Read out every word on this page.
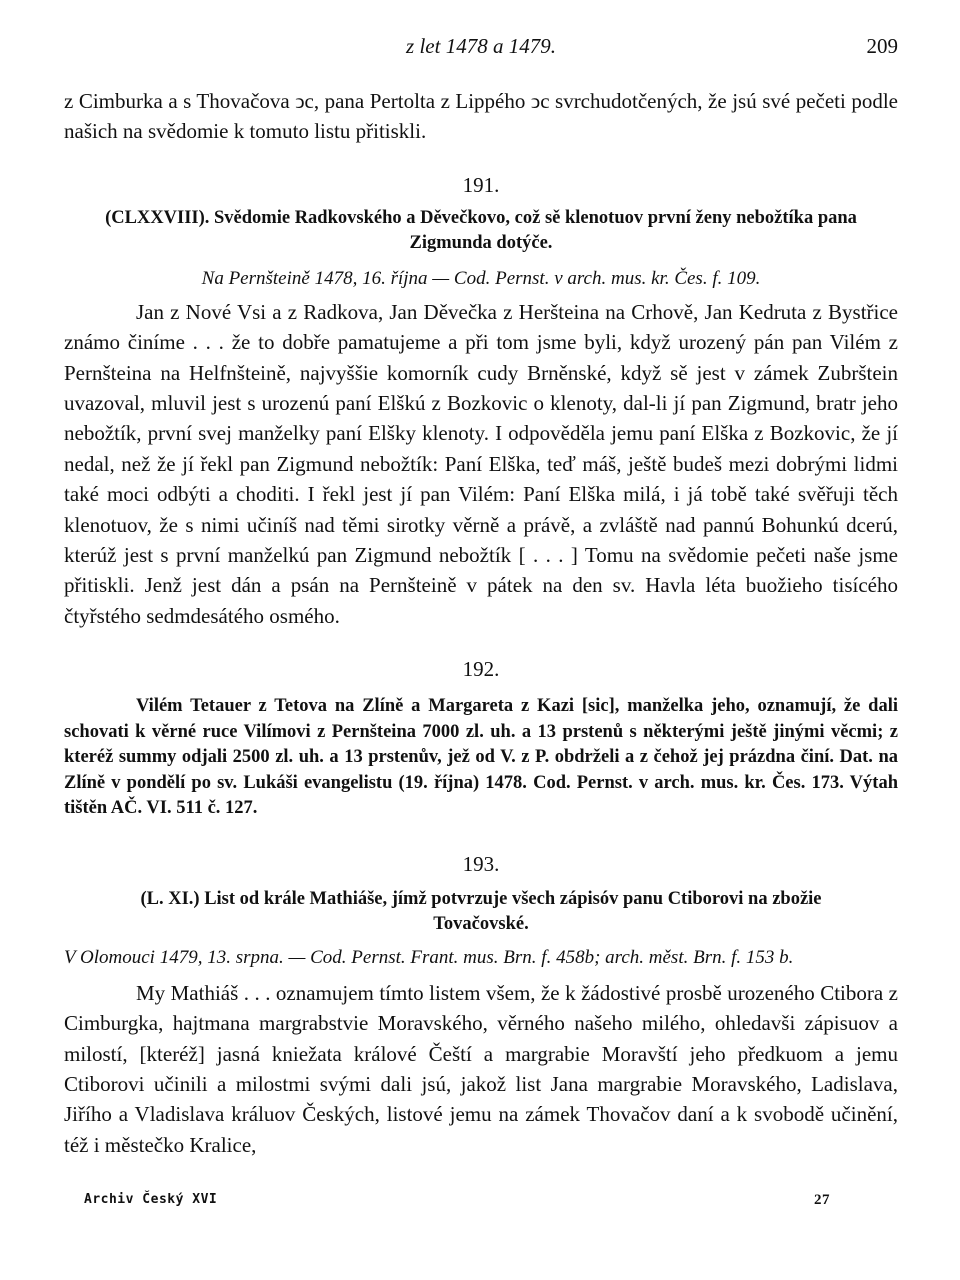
z let 1478 a 1479.	209

z Cimburka a s Thovačova ͻc, pana Pertolta z Lippého ͻc svrchudotčených, že jsú své pečeti podle našich na svědomie k tomuto listu přitiskli.

191.
(CLXXVIII). Svědomie Radkovského a Děvečkovo, což sě klenotuov první ženy nebožtíka pana
Zigmunda dotýče.
Na Pernšteině 1478, 16. října — Cod. Pernst. v arch. mus. kr. Čes. f. 109.

Jan z Nové Vsi a z Radkova, Jan Děvečka z Heršteina na Crhově, Jan Kedruta z Bystřice známo činíme . . . že to dobře pamatujeme a při tom jsme byli, když urozený pán pan Vilém z Pernšteina na Helfnšteině, najvyššie komorník cudy Brněnské, když sě jest v zámek Zubrštein uvazoval, mluvil jest s urozenú paní Elškú z Bozkovic o klenoty, dal-li jí pan Zigmund, bratr jeho nebožtík, první svej manželky paní Elšky klenoty. I odpověděla jemu paní Elška z Bozkovic, že jí nedal, než že jí řekl pan Zigmund nebožtík: Paní Elška, teď máš, ještě budeš mezi dobrými lidmi také moci odbýti a choditi. I řekl jest jí pan Vilém: Paní Elška milá, i já tobě také svěřuji těch klenotuov, že s nimi učiníš nad těmi sirotky věrně a právě, a zvláště nad pannú Bohunkú dcerú, kterúž jest s první manželkú pan Zigmund nebožtík [ . . . ] Tomu na svědomie pečeti naše jsme přitiskli. Jenž jest dán a psán na Pernšteině v pátek na den sv. Havla léta buožieho tisícého čtyřstého sedmdesátého osmého.

192.
Vilém Tetauer z Tetova na Zlíně a Margareta z Kazi [sic], manželka jeho, oznamují, že dali schovati k věrné ruce Vilímovi z Pernšteina 7000 zl. uh. a 13 prstenů s některými ještě jinými věcmi; z kteréž summy odjali 2500 zl. uh. a 13 prstenův, jež od V. z P. obdrželi a z čehož jej prázdna činí. Dat. na Zlíně v pondělí po sv. Lukáši evangelistu (19. října) 1478. Cod. Pernst. v arch. mus. kr. Čes. 173. Výtah tištěn AČ. VI. 511 č. 127.
193.
(L. XI.) List od krále Mathiáše, jímž potvrzuje všech zápisóv panu Ctiborovi na zbožie
Tovačovské.
V Olomouci 1479, 13. srpna. — Cod. Pernst. Frant. mus. Brn. f. 458b; arch. měst. Brn. f. 153 b.

My Mathiáš . . . oznamujem tímto listem všem, že k žádostivé prosbě urozeného Ctibora z Cimburgka, hajtmana margrabstvie Moravského, věrného našeho milého, ohledavši zápisuov a milostí, [kteréž] jasná kniežata králové Čeští a margrabie Moravští jeho předkuom a jemu Ctiborovi učinili a milostmi svými dali jsú, jakož list Jana margrabie Moravského, Ladislava, Jiřího a Vladislava králuov Českých, listové jemu na zámek Thovačov daní a k svobodě učinění, též i městečko Kralice,

Archiv Český XVI	27
